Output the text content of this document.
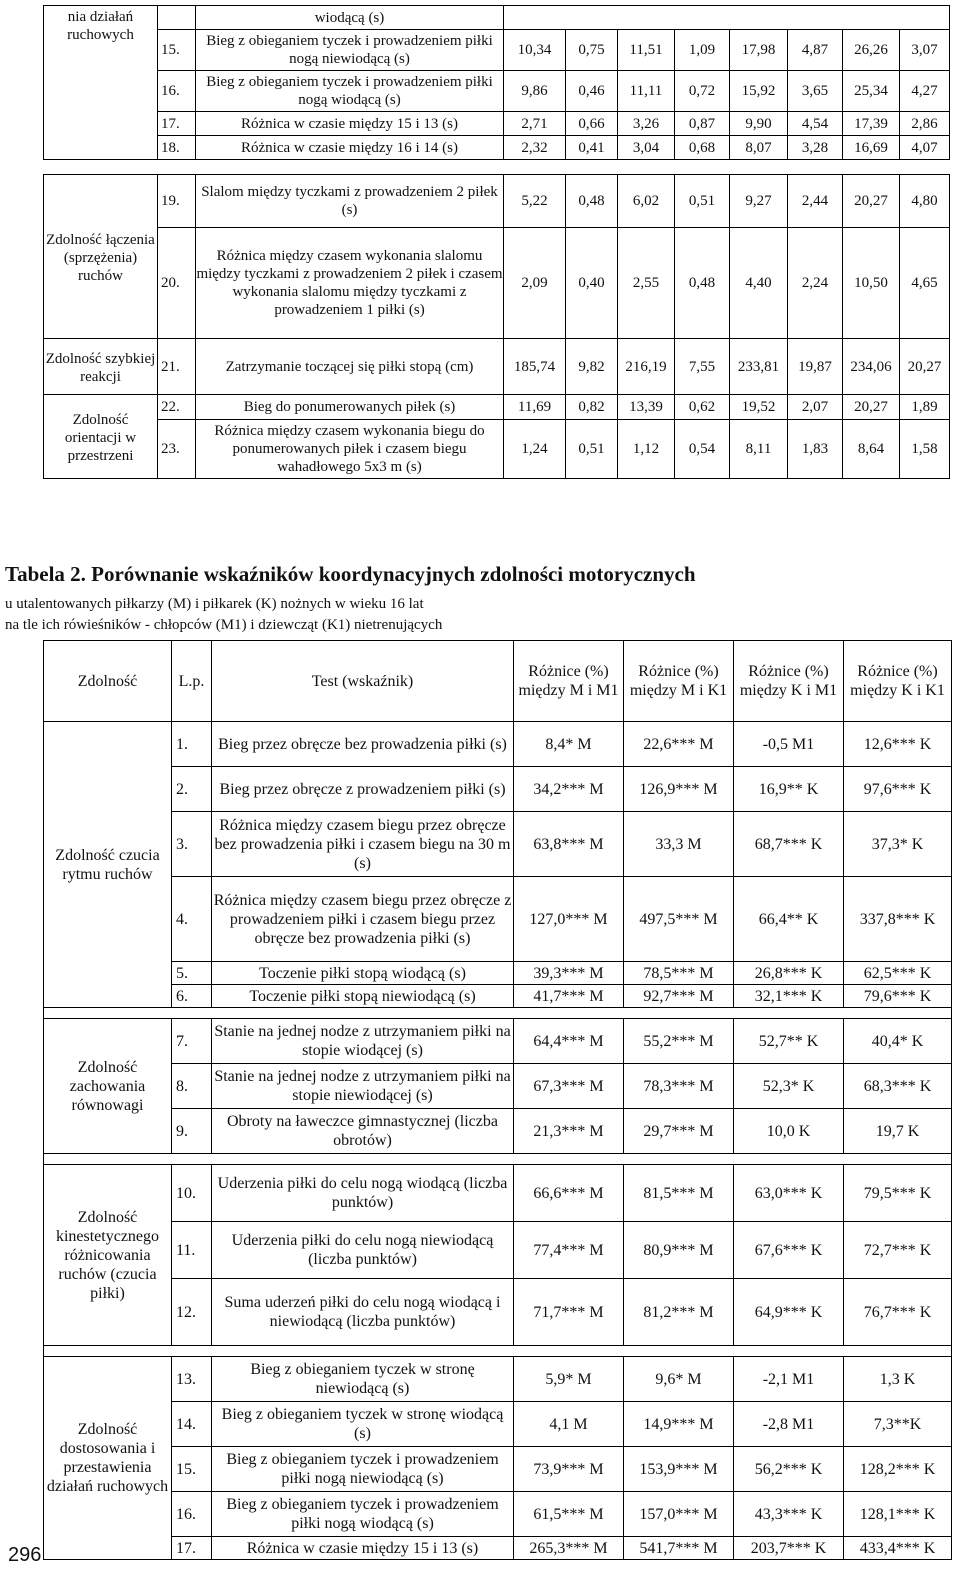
nia działań ruchowych		wiodącą (s)								
	15.	Bieg z obieganiem tyczek i prowadzeniem piłki nogą niewiodącą (s)	10,34	0,75	11,51	1,09	17,98	4,87	26,26	3,07
	16.	Bieg z obieganiem tyczek i prowadzeniem piłki nogą wiodącą (s)	9,86	0,46	11,11	0,72	15,92	3,65	25,34	4,27
	17.	Różnica w czasie między 15 i 13 (s)	2,71	0,66	3,26	0,87	9,90	4,54	17,39	2,86
	18.	Różnica w czasie między 16 i 14 (s)	2,32	0,41	3,04	0,68	8,07	3,28	16,69	4,07

Zdolność łączenia (sprzężenia) ruchów	19.	Slalom między tyczkami z prowadzeniem 2 piłek (s)	5,22	0,48	6,02	0,51	9,27	2,44	20,27	4,80
	20.	Różnica między czasem wykonania slalomu między tyczkami z prowadzeniem 2 piłek i czasem wykonania slalomu między tyczkami z prowadzeniem 1 piłki (s)	2,09	0,40	2,55	0,48	4,40	2,24	10,50	4,65
Zdolność szybkiej reakcji	21.	Zatrzymanie toczącej się piłki stopą (cm)	185,74	9,82	216,19	7,55	233,81	19,87	234,06	20,27
Zdolność orientacji w przestrzeni	22.	Bieg do ponumerowanych piłek (s)	11,69	0,82	13,39	0,62	19,52	2,07	20,27	1,89
	23.	Różnica między czasem wykonania biegu do ponumerowanych piłek i czasem biegu wahadłowego 5x3 m (s)	1,24	0,51	1,12	0,54	8,11	1,83	8,64	1,58
Tabela 2. Porównanie wskaźników koordynacyjnych zdolności motorycznych
u utalentowanych piłkarzy (M) i piłkarek (K) nożnych w wieku 16 lat
na tle ich rówieśników - chłopców (M1) i dziewcząt (K1) nietrenujących
Zdolność	L.p.	Test (wskaźnik)	Różnice (%) między M i M1	Różnice (%) między M i K1	Różnice (%) między K i M1	Różnice (%) między K i K1
Zdolność czucia rytmu ruchów	1.	Bieg przez obręcze bez prowadzenia piłki (s)	8,4* M	22,6*** M	-0,5 M1	12,6*** K
	2.	Bieg przez obręcze z prowadzeniem piłki (s)	34,2*** M	126,9*** M	16,9** K	97,6*** K
	3.	Różnica między czasem biegu przez obręcze bez prowadzenia piłki i czasem biegu na 30 m (s)	63,8*** M	33,3 M	68,7*** K	37,3* K
	4.	Różnica między czasem biegu przez obręcze z prowadzeniem piłki i czasem biegu przez obręcze bez prowadzenia piłki (s)	127,0*** M	497,5*** M	66,4** K	337,8*** K
	5.	Toczenie piłki stopą wiodącą (s)	39,3*** M	78,5*** M	26,8*** K	62,5*** K
	6.	Toczenie piłki stopą niewiodącą (s)	41,7*** M	92,7*** M	32,1*** K	79,6*** K

Zdolność zachowania równowagi	7.	Stanie na jednej nodze z utrzymaniem piłki na stopie wiodącej (s)	64,4*** M	55,2*** M	52,7** K	40,4* K
	8.	Stanie na jednej nodze z utrzymaniem piłki na stopie niewiodącej (s)	67,3*** M	78,3*** M	52,3* K	68,3*** K
	9.	Obroty na ławeczce gimnastycznej (liczba obrotów)	21,3*** M	29,7*** M	10,0 K	19,7 K

Zdolność kinestetycznego różnicowania ruchów (czucia piłki)	10.	Uderzenia piłki do celu nogą wiodącą (liczba punktów)	66,6*** M	81,5*** M	63,0*** K	79,5*** K
	11.	Uderzenia piłki do celu nogą niewiodącą (liczba punktów)	77,4*** M	80,9*** M	67,6*** K	72,7*** K
	12.	Suma uderzeń piłki do celu nogą wiodącą i niewiodącą (liczba punktów)	71,7*** M	81,2*** M	64,9*** K	76,7*** K

Zdolność dostosowania i przestawienia działań ruchowych	13.	Bieg z obieganiem tyczek w stronę niewiodącą (s)	5,9* M	9,6* M	-2,1 M1	1,3 K
	14.	Bieg z obieganiem tyczek w stronę wiodącą (s)	4,1 M	14,9*** M	-2,8 M1	7,3**K
	15.	Bieg z obieganiem tyczek i prowadzeniem piłki nogą niewiodącą (s)	73,9*** M	153,9*** M	56,2*** K	128,2*** K
	16.	Bieg z obieganiem tyczek i prowadzeniem piłki nogą wiodącą (s)	61,5*** M	157,0*** M	43,3*** K	128,1*** K
	17.	Różnica w czasie między 15 i 13 (s)	265,3*** M	541,7*** M	203,7*** K	433,4*** K
296
